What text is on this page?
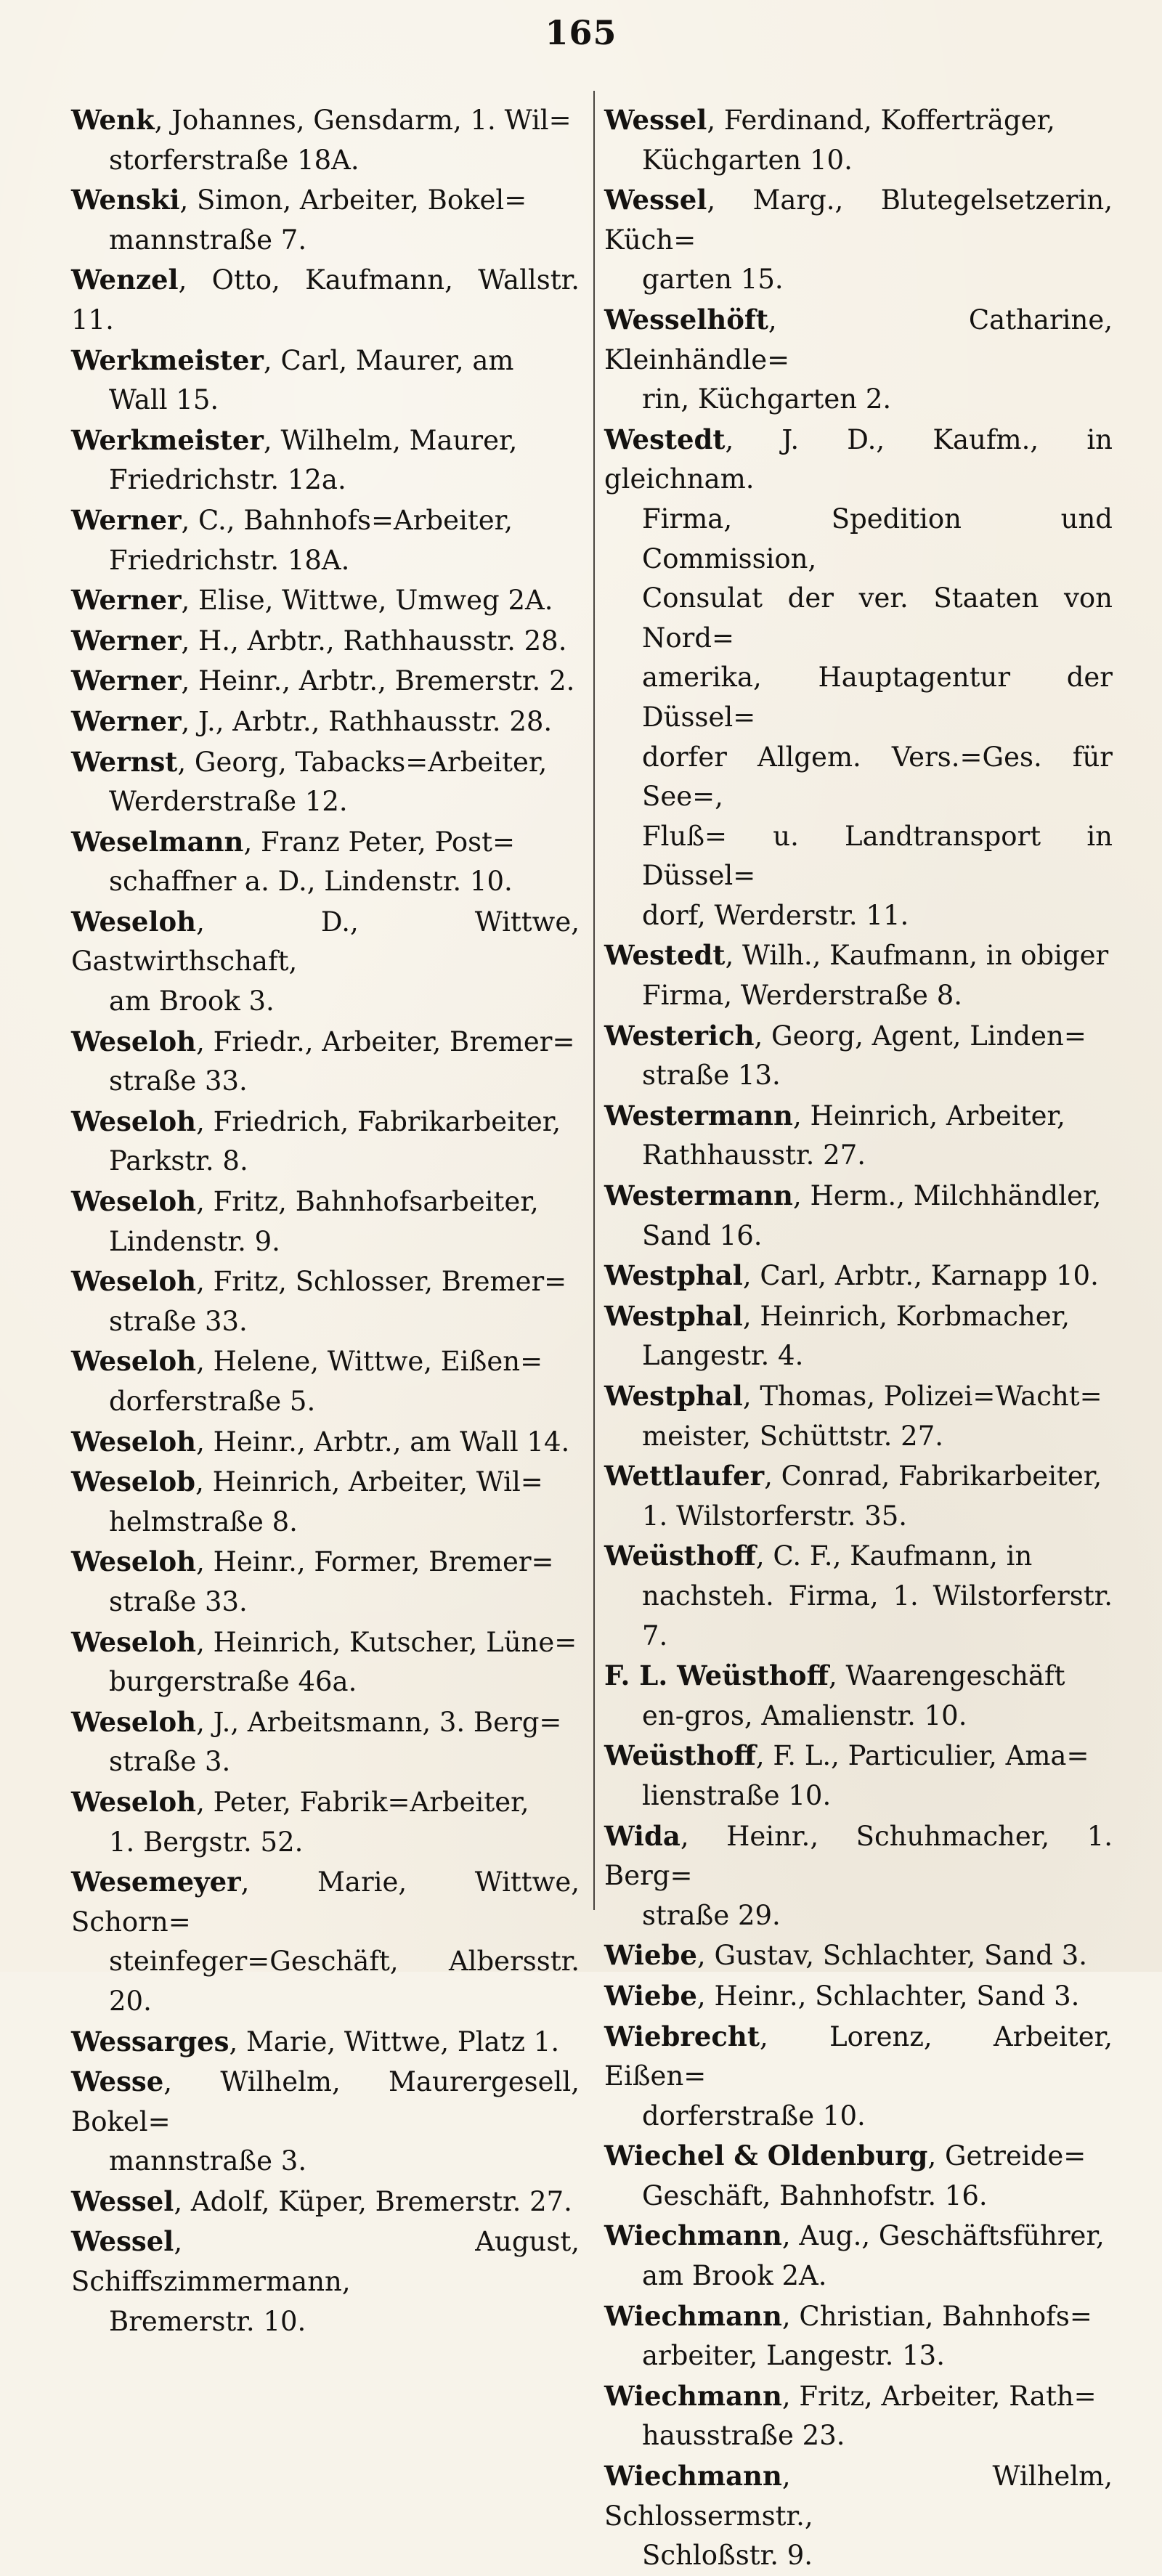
165
Wenk, Johannes, Gensdarm, 1. Wil=
storferstraße 18A.
Wenski, Simon, Arbeiter, Bokel=
mannstraße 7.
Wenzel, Otto, Kaufmann, Wallstr. 11.
Werkmeister, Carl, Maurer, am
Wall 15.
Werkmeister, Wilhelm, Maurer,
Friedrichstr. 12a.
Werner, C., Bahnhofs=Arbeiter,
Friedrichstr. 18A.
Werner, Elise, Wittwe, Umweg 2A.
Werner, H., Arbtr., Rathhausstr. 28.
Werner, Heinr., Arbtr., Bremerstr. 2.
Werner, J., Arbtr., Rathhausstr. 28.
Wernst, Georg, Tabacks=Arbeiter,
Werderstraße 12.
Weselmann, Franz Peter, Post=
schaffner a. D., Lindenstr. 10.
Weseloh, D., Wittwe, Gastwirthschaft,
am Brook 3.
Weseloh, Friedr., Arbeiter, Bremer=
straße 33.
Weseloh, Friedrich, Fabrikarbeiter,
Parkstr. 8.
Weseloh, Fritz, Bahnhofsarbeiter,
Lindenstr. 9.
Weseloh, Fritz, Schlosser, Bremer=
straße 33.
Weseloh, Helene, Wittwe, Eißen=
dorferstraße 5.
Weseloh, Heinr., Arbtr., am Wall 14.
Weselob, Heinrich, Arbeiter, Wil=
helmstraße 8.
Weseloh, Heinr., Former, Bremer=
straße 33.
Weseloh, Heinrich, Kutscher, Lüne=
burgerstraße 46a.
Weseloh, J., Arbeitsmann, 3. Berg=
straße 3.
Weseloh, Peter, Fabrik=Arbeiter,
1. Bergstr. 52.
Wesemeyer, Marie, Wittwe, Schorn=
steinfeger=Geschäft, Albersstr. 20.
Wessarges, Marie, Wittwe, Platz 1.
Wesse, Wilhelm, Maurergesell, Bokel=
mannstraße 3.
Wessel, Adolf, Küper, Bremerstr. 27.
Wessel, August, Schiffszimmermann,
Bremerstr. 10.
Wessel, Ferdinand, Kofferträger,
Küchgarten 10.
Wessel, Marg., Blutegelsetzerin, Küch=
garten 15.
Wesselhöft, Catharine, Kleinhändle=
rin, Küchgarten 2.
Westedt, J. D., Kaufm., in gleichnam.
Firma, Spedition und Commission,
Consulat der ver. Staaten von Nord=
amerika, Hauptagentur der Düssel=
dorfer Allgem. Vers.=Ges. für See=,
Fluß= u. Landtransport in Düssel=
dorf, Werderstr. 11.
Westedt, Wilh., Kaufmann, in obiger
Firma, Werderstraße 8.
Westerich, Georg, Agent, Linden=
straße 13.
Westermann, Heinrich, Arbeiter,
Rathhausstr. 27.
Westermann, Herm., Milchhändler,
Sand 16.
Westphal, Carl, Arbtr., Karnapp 10.
Westphal, Heinrich, Korbmacher,
Langestr. 4.
Westphal, Thomas, Polizei=Wacht=
meister, Schüttstr. 27.
Wettlaufer, Conrad, Fabrikarbeiter,
1. Wilstorferstr. 35.
Weüsthoff, C. F., Kaufmann, in
nachsteh. Firma, 1. Wilstorferstr. 7.
F. L. Weüsthoff, Waarengeschäft
en-gros, Amalienstr. 10.
Weüsthoff, F. L., Particulier, Ama=
lienstraße 10.
Wida, Heinr., Schuhmacher, 1. Berg=
straße 29.
Wiebe, Gustav, Schlachter, Sand 3.
Wiebe, Heinr., Schlachter, Sand 3.
Wiebrecht, Lorenz, Arbeiter, Eißen=
dorferstraße 10.
Wiechel & Oldenburg, Getreide=
Geschäft, Bahnhofstr. 16.
Wiechmann, Aug., Geschäftsführer,
am Brook 2A.
Wiechmann, Christian, Bahnhofs=
arbeiter, Langestr. 13.
Wiechmann, Fritz, Arbeiter, Rath=
hausstraße 23.
Wiechmann, Wilhelm, Schlossermstr.,
Schloßstr. 9.
